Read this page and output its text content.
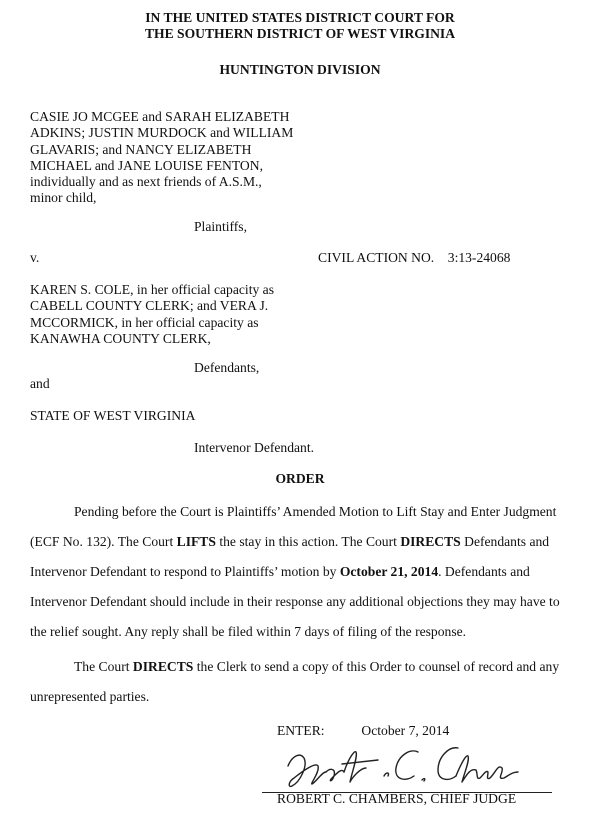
IN THE UNITED STATES DISTRICT COURT FOR
THE SOUTHERN DISTRICT OF WEST VIRGINIA
HUNTINGTON DIVISION
CASIE JO MCGEE and SARAH ELIZABETH
ADKINS; JUSTIN MURDOCK and WILLIAM
GLAVARIS; and NANCY ELIZABETH
MICHAEL and JANE LOUISE FENTON,
individually and as next friends of A.S.M.,
minor child,
Plaintiffs,
v.	CIVIL ACTION NO. 3:13-24068
KAREN S. COLE, in her official capacity as
CABELL COUNTY CLERK; and VERA J.
MCCORMICK, in her official capacity as
KANAWHA COUNTY CLERK,
Defendants,
and
STATE OF WEST VIRGINIA
Intervenor Defendant.
ORDER
Pending before the Court is Plaintiffs’ Amended Motion to Lift Stay and Enter Judgment (ECF No. 132). The Court LIFTS the stay in this action. The Court DIRECTS Defendants and Intervenor Defendant to respond to Plaintiffs’ motion by October 21, 2014. Defendants and Intervenor Defendant should include in their response any additional objections they may have to the relief sought. Any reply shall be filed within 7 days of filing of the response.
The Court DIRECTS the Clerk to send a copy of this Order to counsel of record and any unrepresented parties.
ENTER:	October 7, 2014
ROBERT C. CHAMBERS, CHIEF JUDGE
